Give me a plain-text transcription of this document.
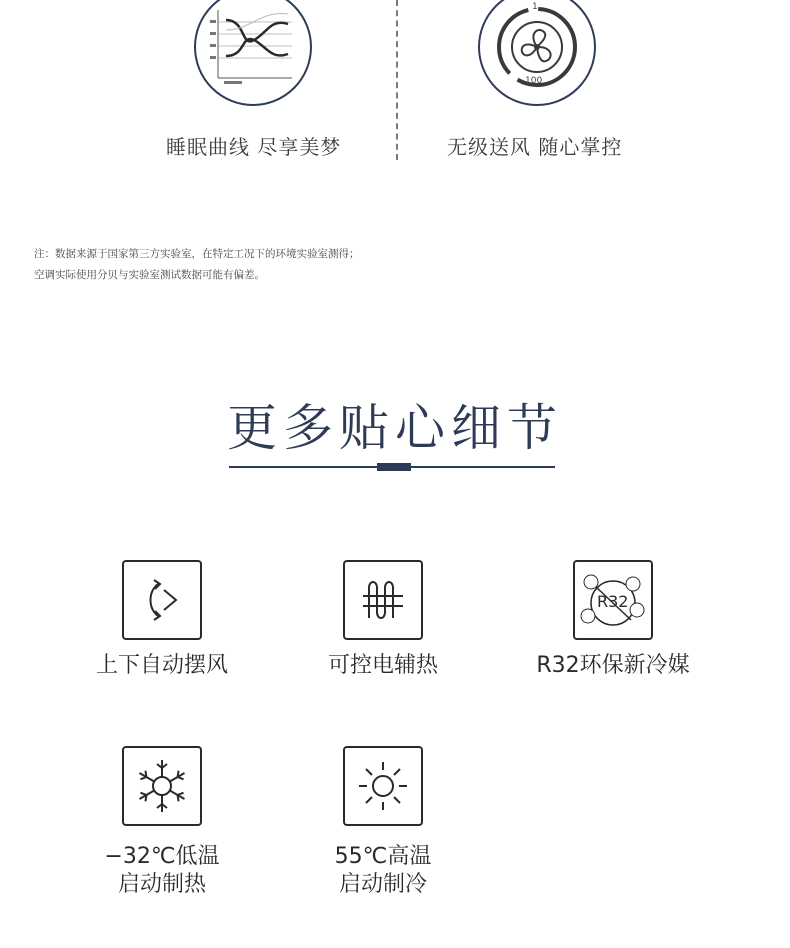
睡眠曲线 尽享美梦
1
100
无级送风 随心掌控
注：数据来源于国家第三方实验室，在特定工况下的环境实验室测得；
空调实际使用分贝与实验室测试数据可能有偏差。
更多贴心细节
上下自动摆风	可控电辅热
R32
R32环保新冷媒
−32℃低温
启动制热
55℃高温
启动制冷
